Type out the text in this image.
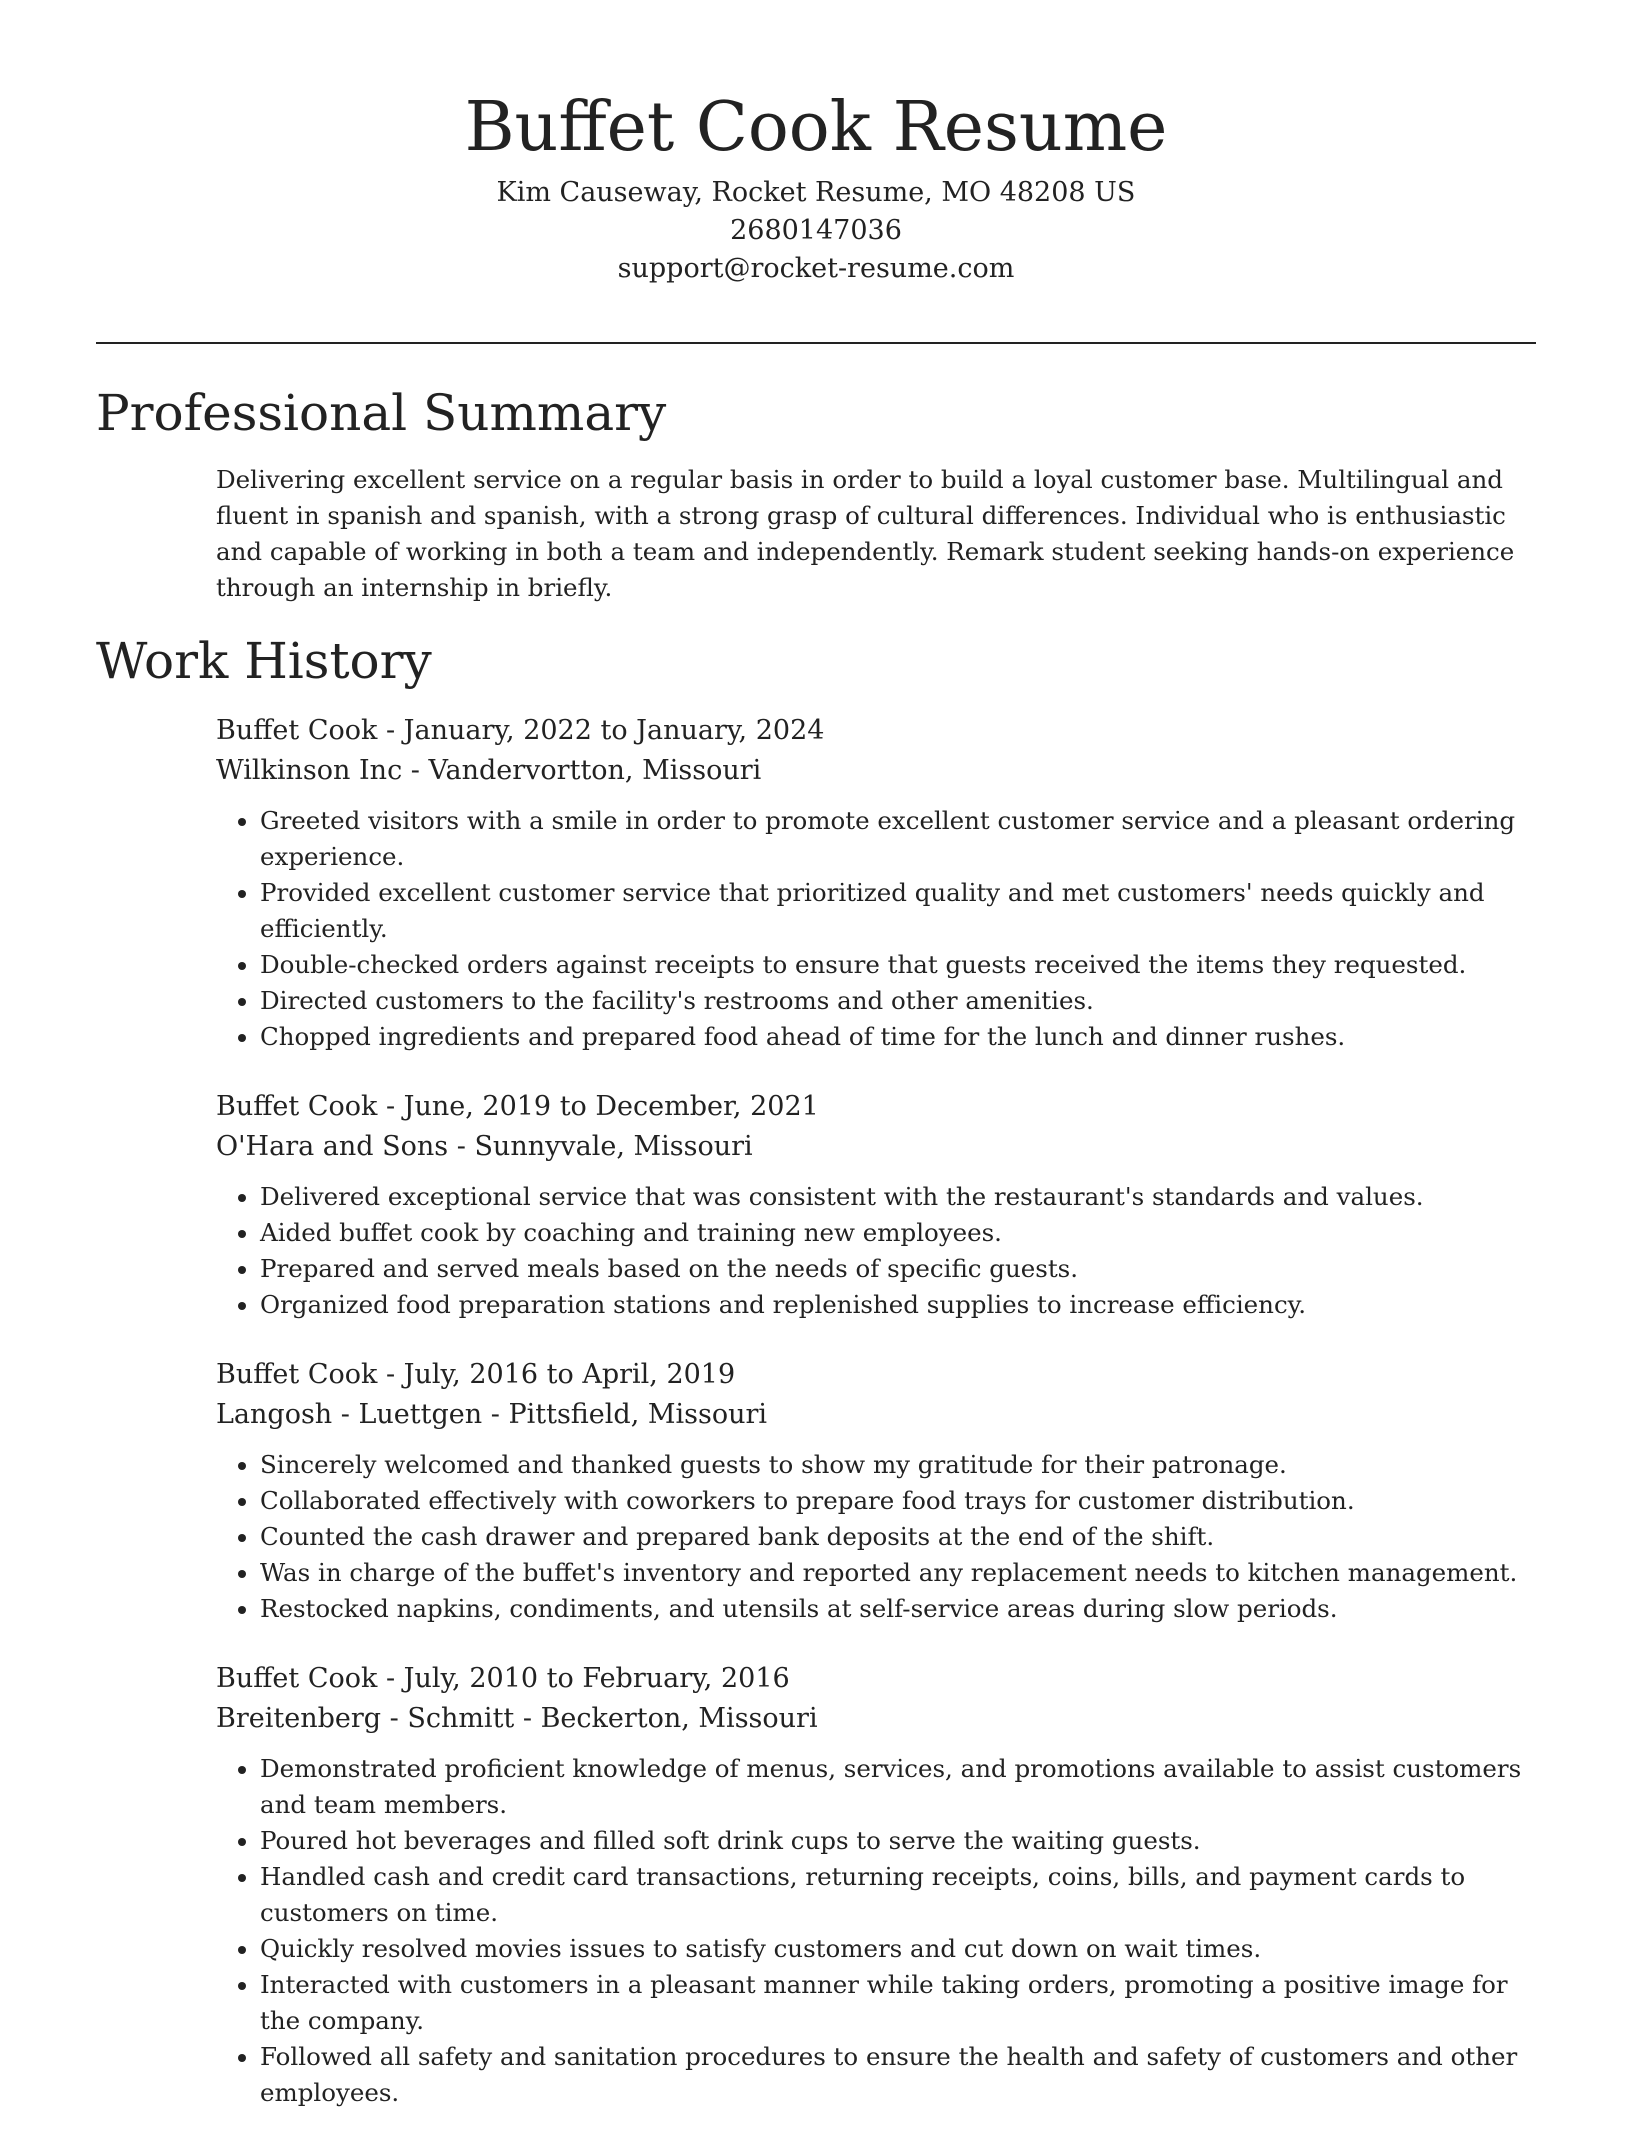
Buffet Cook Resume
Kim Causeway, Rocket Resume, MO 48208 US
2680147036
support@rocket-resume.com
Professional Summary

Delivering excellent service on a regular basis in order to build a loyal customer base. Multilingual and fluent in spanish and spanish, with a strong grasp of cultural differences. Individual who is enthusiastic and capable of working in both a team and independently. Remark student seeking hands-on experience through an internship in briefly.

Work History
Buffet Cook - January, 2022 to January, 2024
Wilkinson Inc - Vandervortton, Missouri
• Greeted visitors with a smile in order to promote excellent customer service and a pleasant ordering experience.
• Provided excellent customer service that prioritized quality and met customers' needs quickly and efficiently.
• Double-checked orders against receipts to ensure that guests received the items they requested.
• Directed customers to the facility's restrooms and other amenities.
• Chopped ingredients and prepared food ahead of time for the lunch and dinner rushes.
Buffet Cook - June, 2019 to December, 2021
O'Hara and Sons - Sunnyvale, Missouri
• Delivered exceptional service that was consistent with the restaurant's standards and values.
• Aided buffet cook by coaching and training new employees.
• Prepared and served meals based on the needs of specific guests.
• Organized food preparation stations and replenished supplies to increase efficiency.
Buffet Cook - July, 2016 to April, 2019
Langosh - Luettgen - Pittsfield, Missouri
• Sincerely welcomed and thanked guests to show my gratitude for their patronage.
• Collaborated effectively with coworkers to prepare food trays for customer distribution.
• Counted the cash drawer and prepared bank deposits at the end of the shift.
• Was in charge of the buffet's inventory and reported any replacement needs to kitchen management.
• Restocked napkins, condiments, and utensils at self-service areas during slow periods.
Buffet Cook - July, 2010 to February, 2016
Breitenberg - Schmitt - Beckerton, Missouri
• Demonstrated proficient knowledge of menus, services, and promotions available to assist customers and team members.
• Poured hot beverages and filled soft drink cups to serve the waiting guests.
• Handled cash and credit card transactions, returning receipts, coins, bills, and payment cards to customers on time.
• Quickly resolved movies issues to satisfy customers and cut down on wait times.
• Interacted with customers in a pleasant manner while taking orders, promoting a positive image for the company.
• Followed all safety and sanitation procedures to ensure the health and safety of customers and other employees.
